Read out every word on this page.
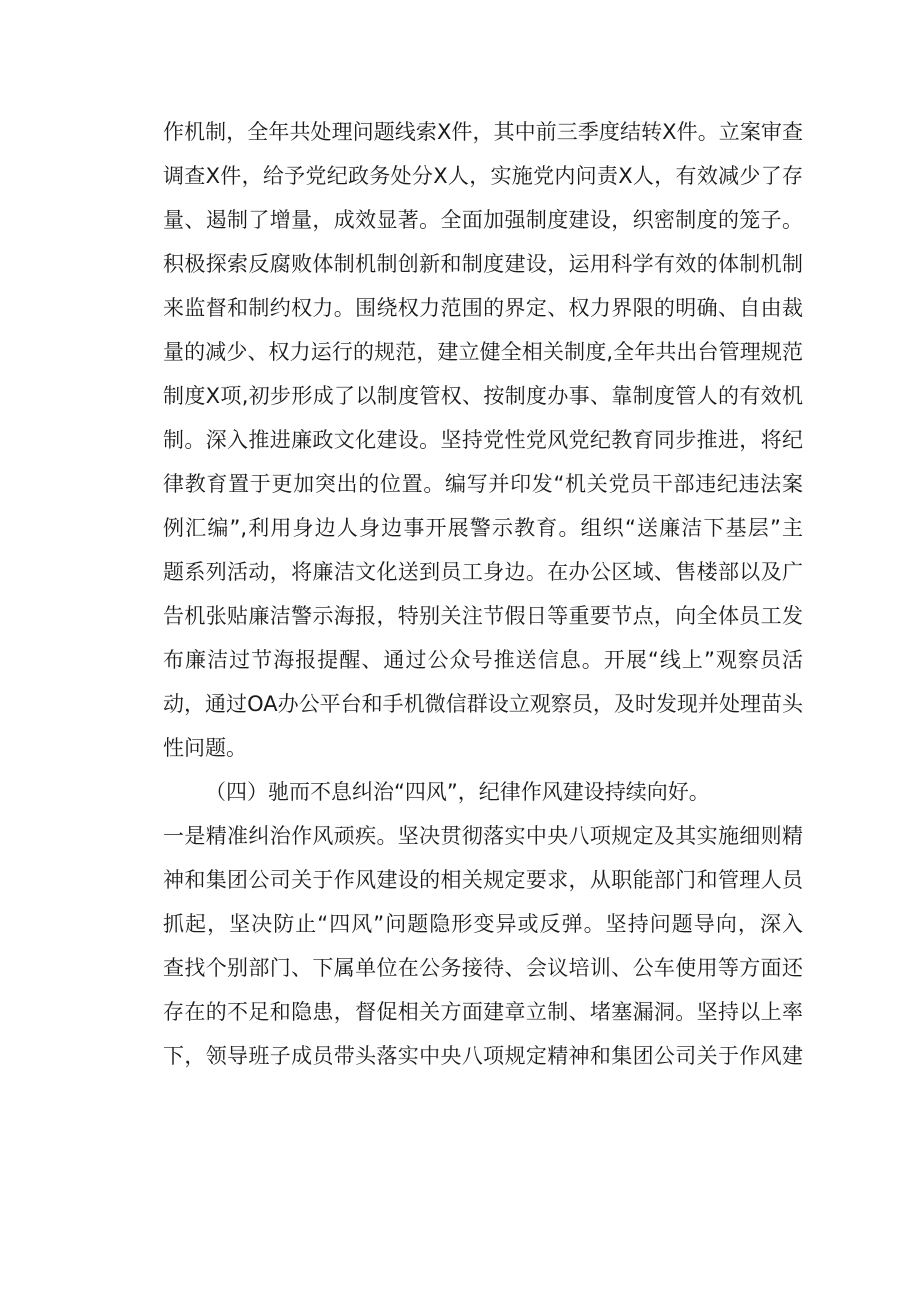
作机制，全年共处理问题线索X件，其中前三季度结转X件。立案审查
调查X件，给予党纪政务处分X人，实施党内问责X人，有效减少了存
量、遏制了增量，成效显著。全面加强制度建设，织密制度的笼子。
积极探索反腐败体制机制创新和制度建设，运用科学有效的体制机制
来监督和制约权力。围绕权力范围的界定、权力界限的明确、自由裁
量的减少、权力运行的规范，建立健全相关制度,全年共出台管理规范
制度X项,初步形成了以制度管权、按制度办事、靠制度管人的有效机
制。深入推进廉政文化建设。坚持党性党风党纪教育同步推进，将纪
律教育置于更加突出的位置。编写并印发“机关党员干部违纪违法案
例汇编”,利用身边人身边事开展警示教育。组织“送廉洁下基层”主
题系列活动，将廉洁文化送到员工身边。在办公区域、售楼部以及广
告机张贴廉洁警示海报，特别关注节假日等重要节点，向全体员工发
布廉洁过节海报提醒、通过公众号推送信息。开展“线上”观察员活
动，通过OA办公平台和手机微信群设立观察员，及时发现并处理苗头
性问题。
（四）驰而不息纠治“四风”，纪律作风建设持续向好。
一是精准纠治作风顽疾。坚决贯彻落实中央八项规定及其实施细则精
神和集团公司关于作风建设的相关规定要求，从职能部门和管理人员
抓起，坚决防止“四风”问题隐形变异或反弹。坚持问题导向，深入
查找个别部门、下属单位在公务接待、会议培训、公车使用等方面还
存在的不足和隐患，督促相关方面建章立制、堵塞漏洞。坚持以上率
下，领导班子成员带头落实中央八项规定精神和集团公司关于作风建
